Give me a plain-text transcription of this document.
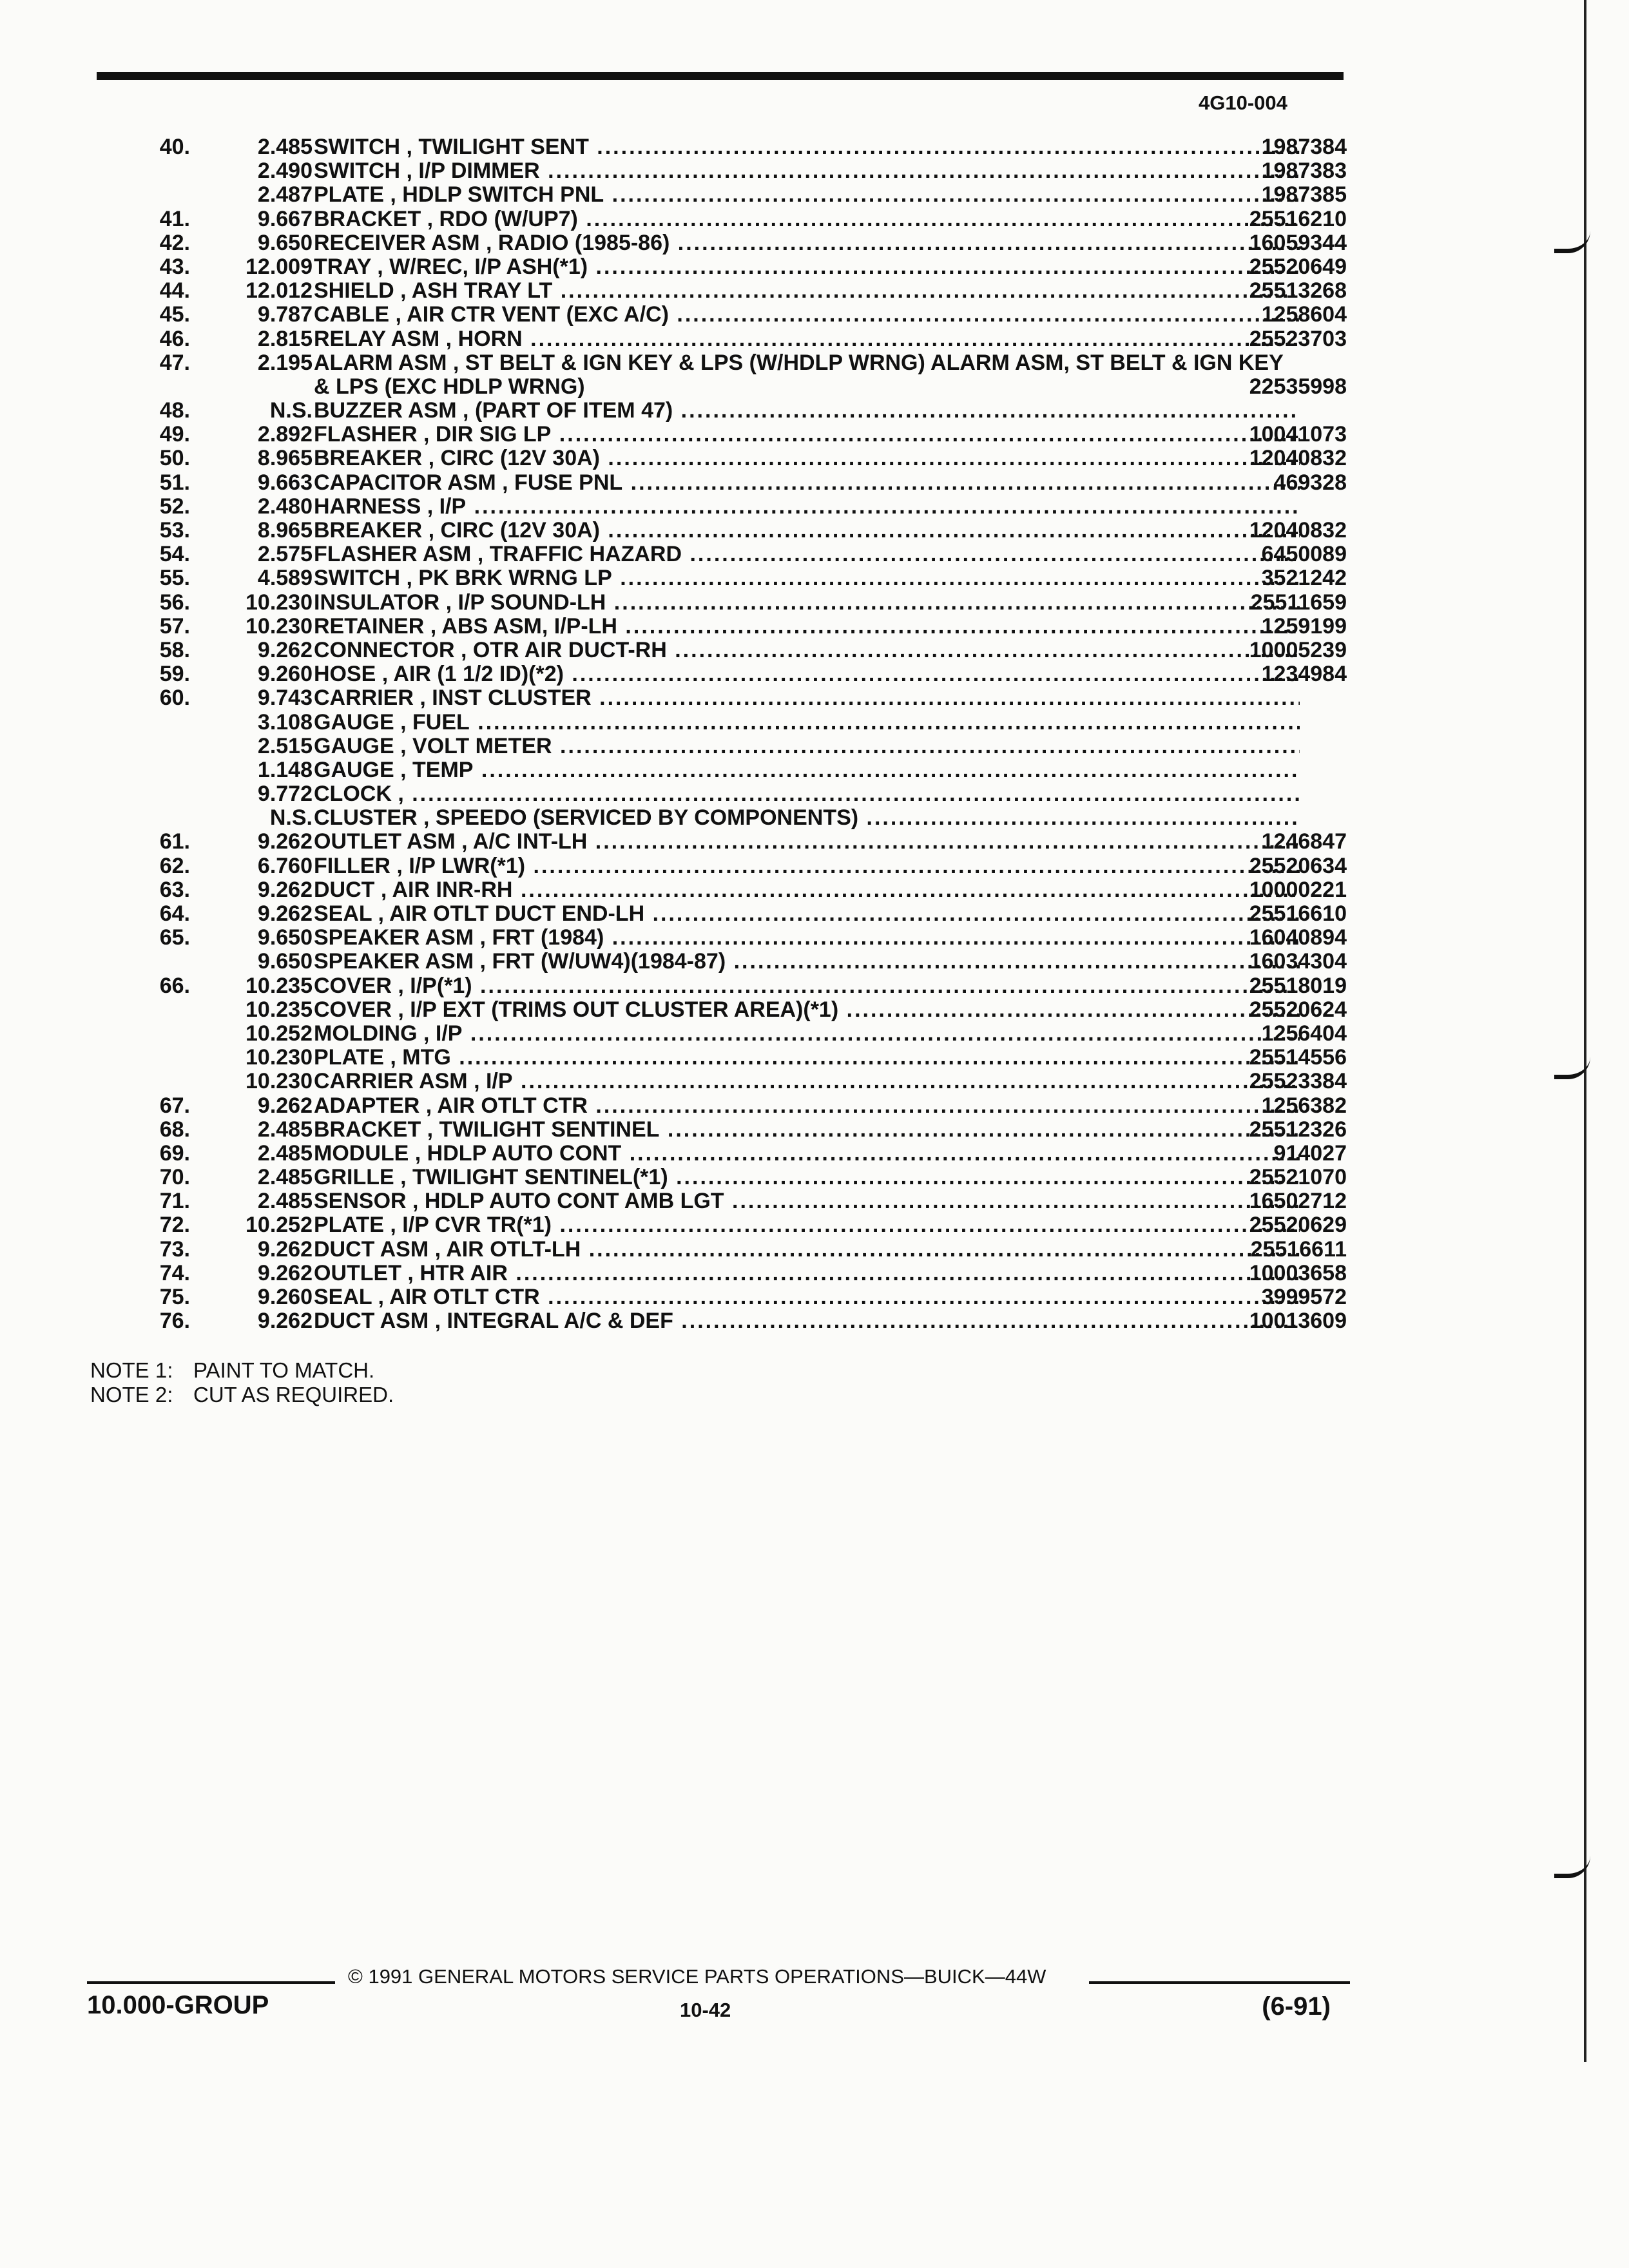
4G10-004
40.	2.485 SWITCH , TWILIGHT SENT .....	1987384
2.490 SWITCH , I/P DIMMER .....	1987383
2.487 PLATE , HDLP SWITCH PNL .....	1987385
41.	9.667 BRACKET , RDO (W/UP7) .....	25516210
42.	9.650 RECEIVER ASM , RADIO (1985-86) .....	16059344
43.	12.009 TRAY , W/REC, I/P ASH(*1) .....	25520649
44.	12.012 SHIELD , ASH TRAY LT .....	25513268
45.	9.787 CABLE , AIR CTR VENT (EXC A/C) .....	1258604
46.	2.815 RELAY ASM , HORN .....	25523703
47.	2.195 ALARM ASM , ST BELT & IGN KEY & LPS (W/HDLP WRNG) ALARM ASM, ST BELT & IGN KEY & LPS (EXC HDLP WRNG)	22535998
48.	N.S. BUZZER ASM , (PART OF ITEM 47) .....
49.	2.892 FLASHER , DIR SIG LP .....	10041073
50.	8.965 BREAKER , CIRC (12V 30A) .....	12040832
51.	9.663 CAPACITOR ASM , FUSE PNL .....	469328
52.	2.480 HARNESS , I/P .....
53.	8.965 BREAKER , CIRC (12V 30A) .....	12040832
54.	2.575 FLASHER ASM , TRAFFIC HAZARD .....	6450089
55.	4.589 SWITCH , PK BRK WRNG LP .....	3521242
56.	10.230 INSULATOR , I/P SOUND-LH .....	25511659
57.	10.230 RETAINER , ABS ASM, I/P-LH .....	1259199
58.	9.262 CONNECTOR , OTR AIR DUCT-RH .....	10005239
59.	9.260 HOSE , AIR (1 1/2 ID)(*2) .....	1234984
60.	9.743 CARRIER , INST CLUSTER .....
3.108 GAUGE , FUEL .....
2.515 GAUGE , VOLT METER .....
1.148 GAUGE , TEMP .....
9.772 CLOCK , .....
N.S. CLUSTER , SPEEDO (SERVICED BY COMPONENTS) .....
61.	9.262 OUTLET ASM , A/C INT-LH .....	1246847
62.	6.760 FILLER , I/P LWR(*1) .....	25520634
63.	9.262 DUCT , AIR INR-RH .....	10000221
64.	9.262 SEAL , AIR OTLT DUCT END-LH .....	25516610
65.	9.650 SPEAKER ASM , FRT (1984) .....	16040894
9.650 SPEAKER ASM , FRT (W/UW4)(1984-87) .....	16034304
66.	10.235 COVER , I/P(*1) .....	25518019
10.235 COVER , I/P EXT (TRIMS OUT CLUSTER AREA)(*1) .....	25520624
10.252 MOLDING , I/P .....	1256404
10.230 PLATE , MTG .....	25514556
10.230 CARRIER ASM , I/P .....	25523384
67.	9.262 ADAPTER , AIR OTLT CTR .....	1256382
68.	2.485 BRACKET , TWILIGHT SENTINEL .....	25512326
69.	2.485 MODULE , HDLP AUTO CONT .....	914027
70.	2.485 GRILLE , TWILIGHT SENTINEL(*1) .....	25521070
71.	2.485 SENSOR , HDLP AUTO CONT AMB LGT .....	16502712
72.	10.252 PLATE , I/P CVR TR(*1) .....	25520629
73.	9.262 DUCT ASM , AIR OTLT-LH .....	25516611
74.	9.262 OUTLET , HTR AIR .....	10003658
75.	9.260 SEAL , AIR OTLT CTR .....	3999572
76.	9.262 DUCT ASM , INTEGRAL A/C & DEF .....	10013609
NOTE 1: PAINT TO MATCH.
NOTE 2: CUT AS REQUIRED.
© 1991 GENERAL MOTORS SERVICE PARTS OPERATIONS—BUICK—44W
10.000-GROUP	10-42	(6-91)
